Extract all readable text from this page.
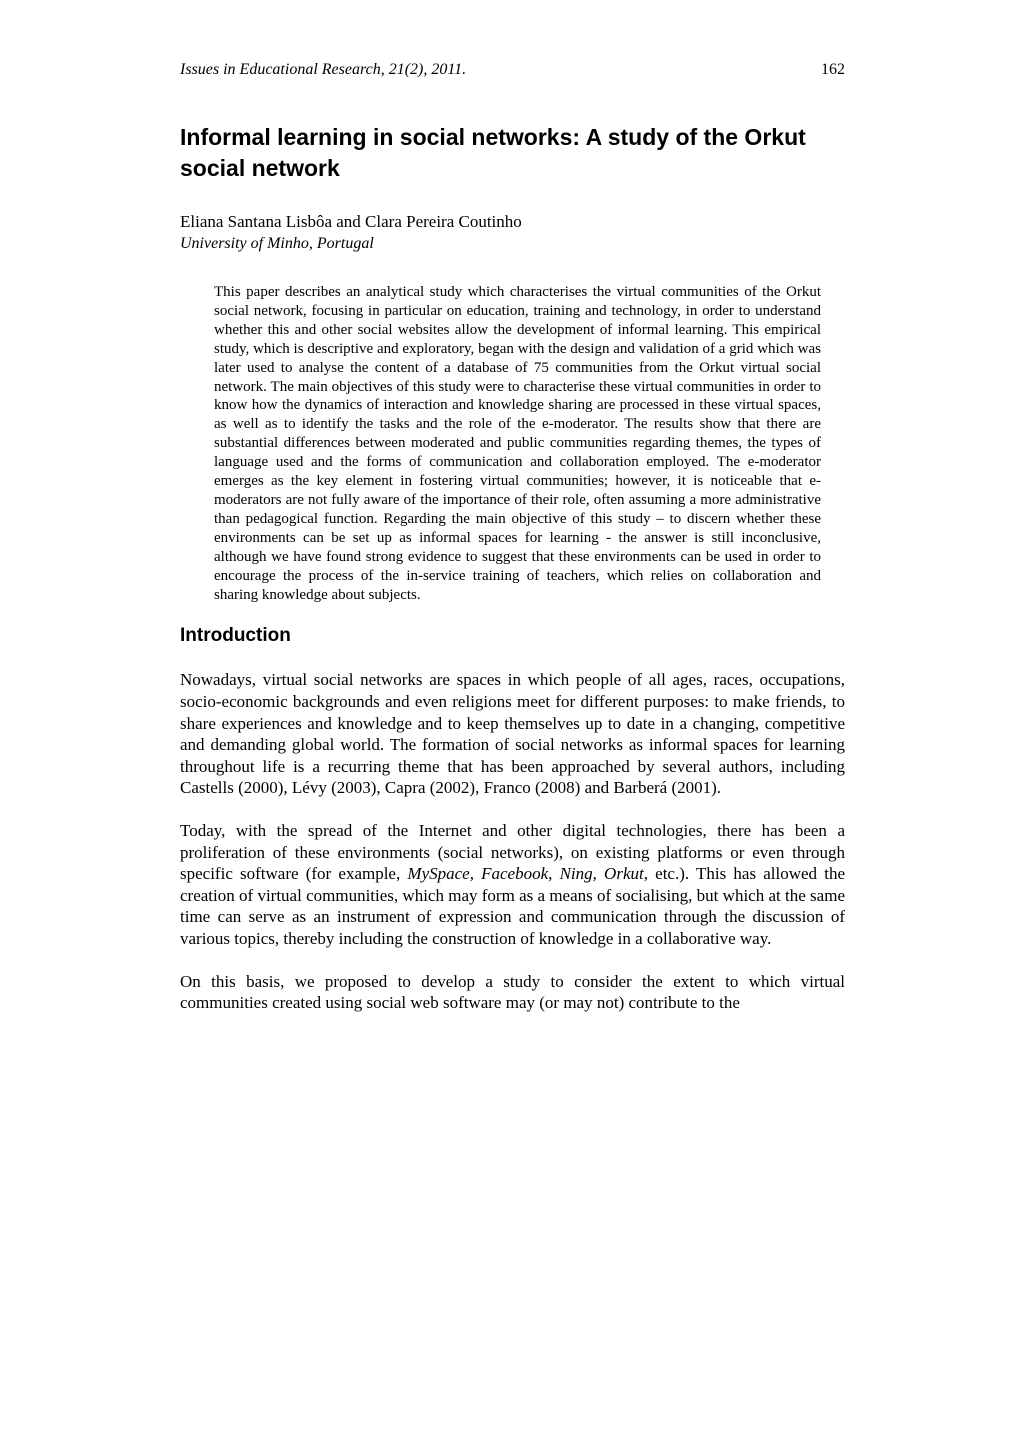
Issues in Educational Research, 21(2), 2011.	162
Informal learning in social networks: A study of the Orkut social network
Eliana Santana Lisbôa and Clara Pereira Coutinho
University of Minho, Portugal
This paper describes an analytical study which characterises the virtual communities of the Orkut social network, focusing in particular on education, training and technology, in order to understand whether this and other social websites allow the development of informal learning. This empirical study, which is descriptive and exploratory, began with the design and validation of a grid which was later used to analyse the content of a database of 75 communities from the Orkut virtual social network. The main objectives of this study were to characterise these virtual communities in order to know how the dynamics of interaction and knowledge sharing are processed in these virtual spaces, as well as to identify the tasks and the role of the e-moderator. The results show that there are substantial differences between moderated and public communities regarding themes, the types of language used and the forms of communication and collaboration employed. The e-moderator emerges as the key element in fostering virtual communities; however, it is noticeable that e-moderators are not fully aware of the importance of their role, often assuming a more administrative than pedagogical function. Regarding the main objective of this study – to discern whether these environments can be set up as informal spaces for learning - the answer is still inconclusive, although we have found strong evidence to suggest that these environments can be used in order to encourage the process of the in-service training of teachers, which relies on collaboration and sharing knowledge about subjects.
Introduction

Nowadays, virtual social networks are spaces in which people of all ages, races, occupations, socio-economic backgrounds and even religions meet for different purposes: to make friends, to share experiences and knowledge and to keep themselves up to date in a changing, competitive and demanding global world. The formation of social networks as informal spaces for learning throughout life is a recurring theme that has been approached by several authors, including Castells (2000), Lévy (2003), Capra (2002), Franco (2008) and Barberá (2001).

Today, with the spread of the Internet and other digital technologies, there has been a proliferation of these environments (social networks), on existing platforms or even through specific software (for example, MySpace, Facebook, Ning, Orkut, etc.). This has allowed the creation of virtual communities, which may form as a means of socialising, but which at the same time can serve as an instrument of expression and communication through the discussion of various topics, thereby including the construction of knowledge in a collaborative way.

On this basis, we proposed to develop a study to consider the extent to which virtual communities created using social web software may (or may not) contribute to the
